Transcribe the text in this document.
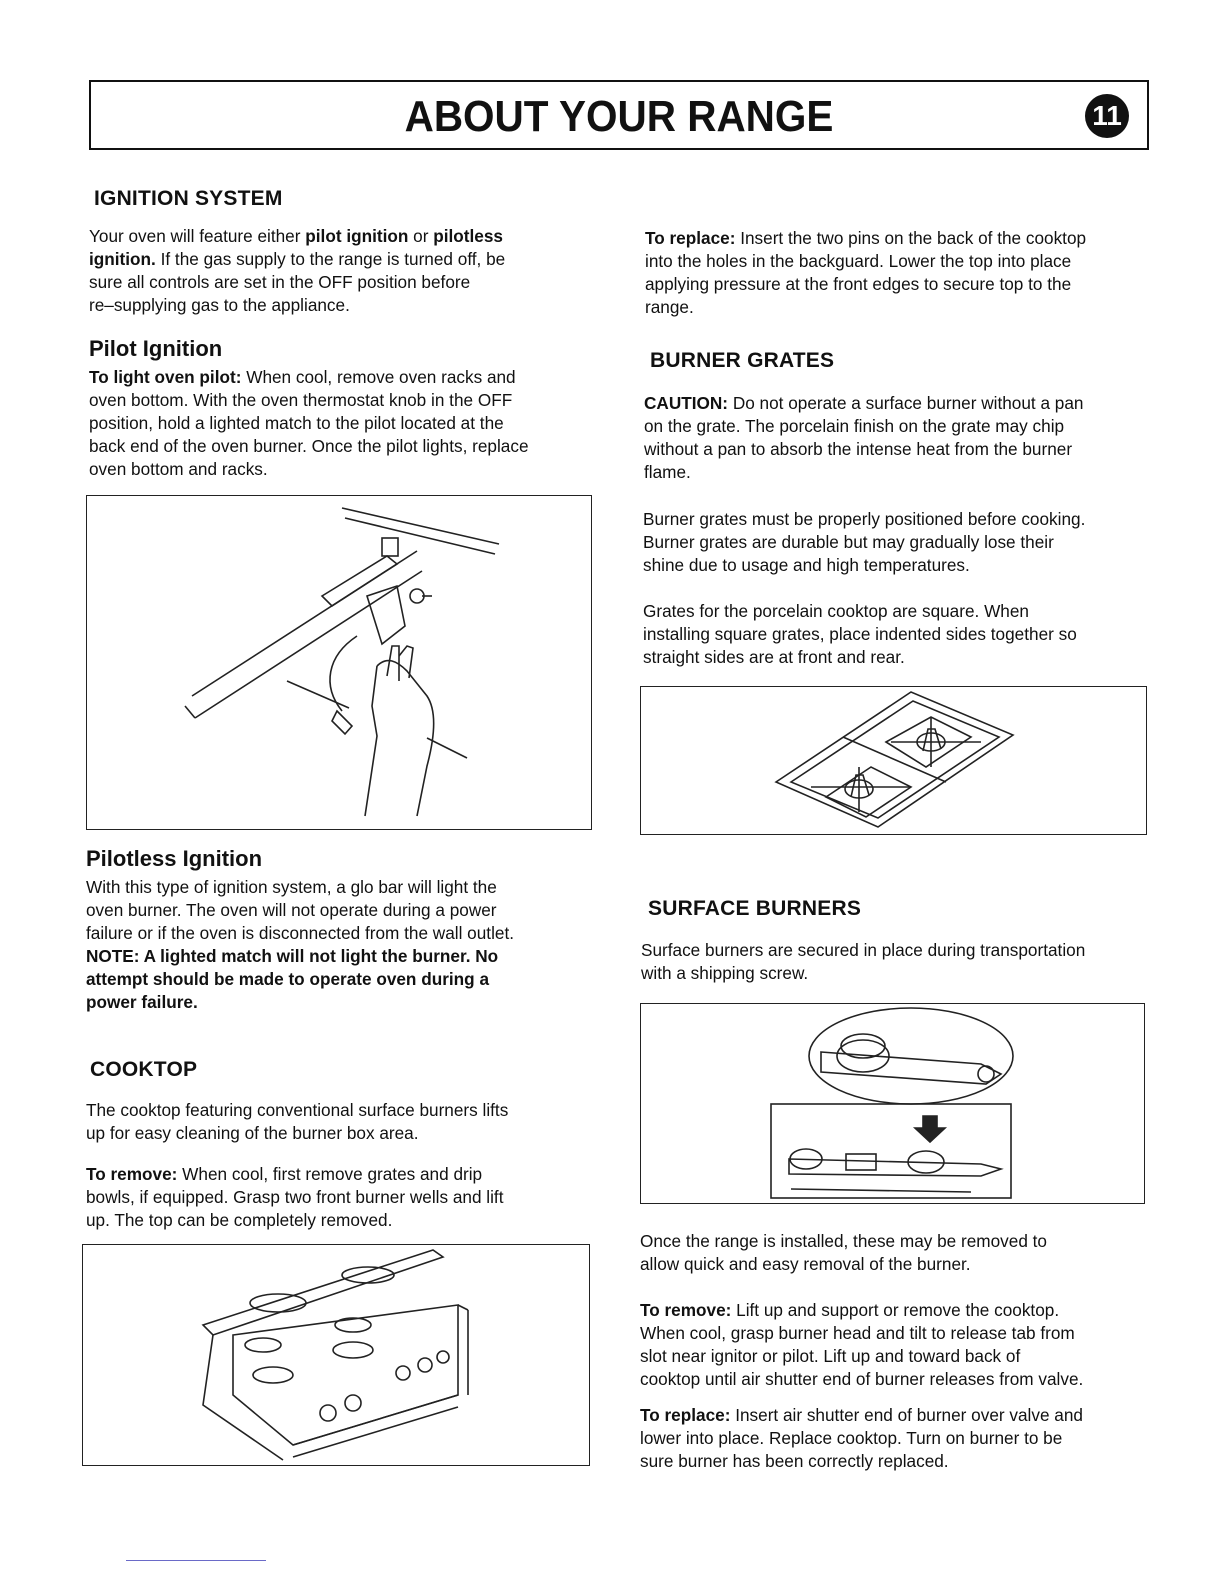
ABOUT YOUR RANGE	11
IGNITION SYSTEM
Your oven will feature either pilot ignition or pilotless
ignition. If the gas supply to the range is turned off, be
sure all controls are set in the OFF position before
re–supplying gas to the appliance.
Pilot Ignition
To light oven pilot: When cool, remove oven racks and
oven bottom. With the oven thermostat knob in the OFF
position, hold a lighted match to the pilot located at the
back end of the oven burner. Once the pilot lights, replace
oven bottom and racks.
Pilotless Ignition
With this type of ignition system, a glo bar will light the
oven burner. The oven will not operate during a power
failure or if the oven is disconnected from the wall outlet.
NOTE: A lighted match will not light the burner. No
attempt should be made to operate oven during a
power failure.
COOKTOP
The cooktop featuring conventional surface burners lifts
up for easy cleaning of the burner box area.
To remove: When cool, first remove grates and drip
bowls, if equipped. Grasp two front burner wells and lift
up. The top can be completely removed.
To replace: Insert the two pins on the back of the cooktop
into the holes in the backguard. Lower the top into place
applying pressure at the front edges to secure top to the
range.
BURNER GRATES
CAUTION: Do not operate a surface burner without a pan
on the grate. The porcelain finish on the grate may chip
without a pan to absorb the intense heat from the burner
flame.
Burner grates must be properly positioned before cooking.
Burner grates are durable but may gradually lose their
shine due to usage and high temperatures.
Grates for the porcelain cooktop are square. When
installing square grates, place indented sides together so
straight sides are at front and rear.
SURFACE BURNERS
Surface burners are secured in place during transportation
with a shipping screw.
Once the range is installed, these may be removed to
allow quick and easy removal of the burner.
To remove: Lift up and support or remove the cooktop.
When cool, grasp burner head and tilt to release tab from
slot near ignitor or pilot. Lift up and toward back of
cooktop until air shutter end of burner releases from valve.
To replace: Insert air shutter end of burner over valve and
lower into place. Replace cooktop. Turn on burner to be
sure burner has been correctly replaced.
